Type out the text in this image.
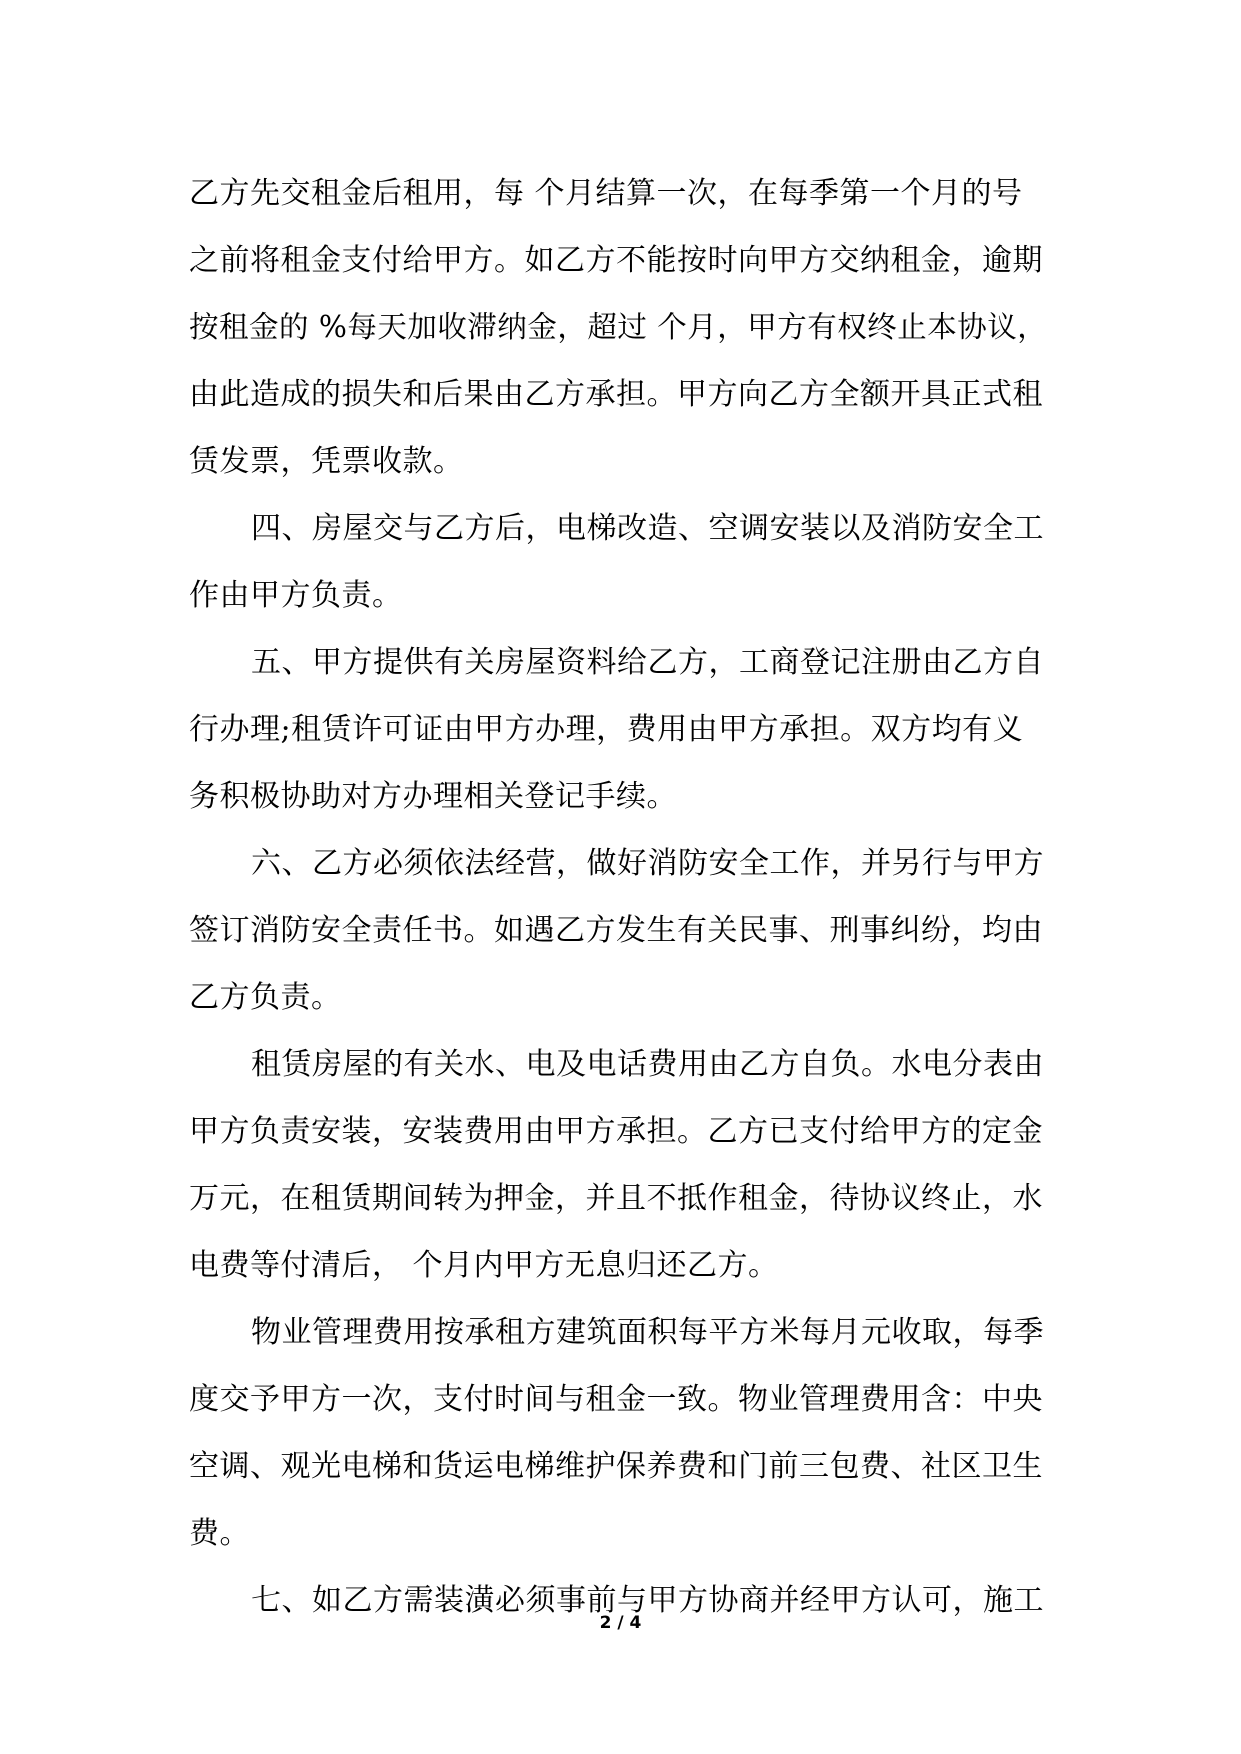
乙方先交租金后租用，每 个月结算一次，在每季第一个月的号
之前将租金支付给甲方。如乙方不能按时向甲方交纳租金，逾期
按租金的 %每天加收滞纳金，超过 个月，甲方有权终止本协议，
由此造成的损失和后果由乙方承担。甲方向乙方全额开具正式租
赁发票，凭票收款。

四、房屋交与乙方后，电梯改造、空调安装以及消防安全工
作由甲方负责。

五、甲方提供有关房屋资料给乙方，工商登记注册由乙方自
行办理;租赁许可证由甲方办理，费用由甲方承担。双方均有义
务积极协助对方办理相关登记手续。

六、乙方必须依法经营，做好消防安全工作，并另行与甲方
签订消防安全责任书。如遇乙方发生有关民事、刑事纠纷，均由
乙方负责。

租赁房屋的有关水、电及电话费用由乙方自负。水电分表由
甲方负责安装，安装费用由甲方承担。乙方已支付给甲方的定金
万元，在租赁期间转为押金，并且不抵作租金，待协议终止，水
电费等付清后， 个月内甲方无息归还乙方。

物业管理费用按承租方建筑面积每平方米每月元收取，每季
度交予甲方一次，支付时间与租金一致。物业管理费用含：中央
空调、观光电梯和货运电梯维护保养费和门前三包费、社区卫生
费。

七、如乙方需装潢必须事前与甲方协商并经甲方认可，施工

2 / 4
